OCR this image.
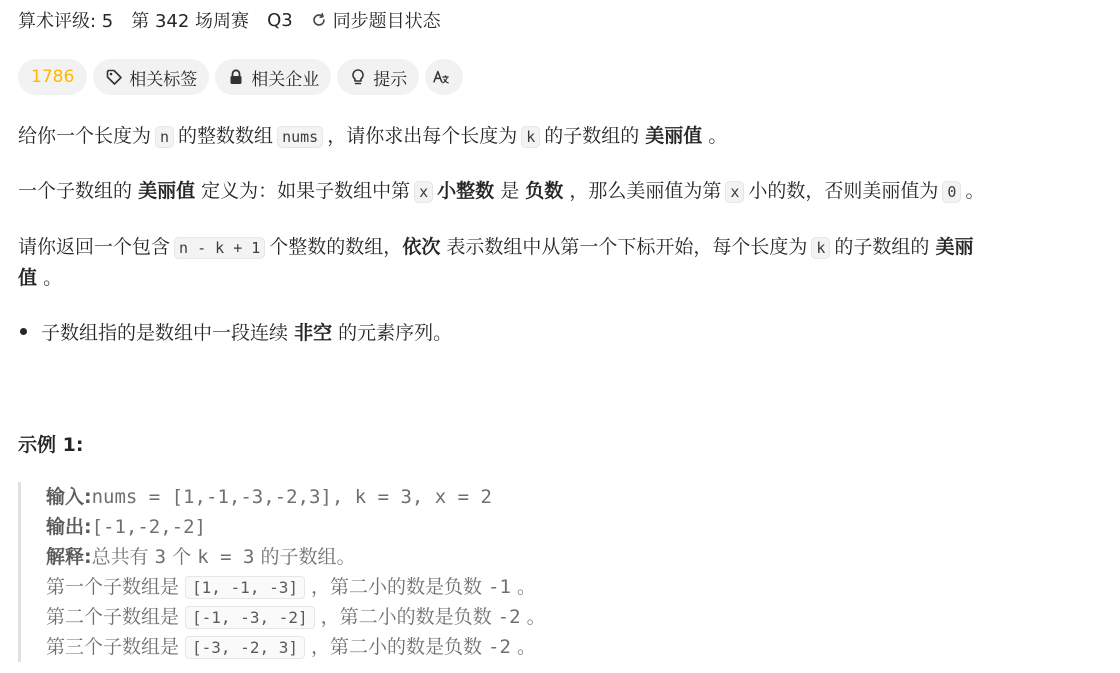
算术评级: 5 第 342 场周赛 Q3 同步题目状态
1786	相关标签	相关企业	提示
给你一个长度为 n 的整数数组 nums ，请你求出每个长度为 k 的子数组的 美丽值 。
一个子数组的 美丽值 定义为：如果子数组中第 x 小整数 是 负数 ，那么美丽值为第 x 小的数，否则美丽值为 0 。
请你返回一个包含 n - k + 1 个整数的数组，依次 表示数组中从第一个下标开始，每个长度为 k 的子数组的 美丽
值 。
子数组指的是数组中一段连续 非空 的元素序列。
示例 1:
输入:nums = [1,-1,-3,-2,3], k = 3, x = 2
输出:[-1,-2,-2]
解释:总共有 3 个 k = 3 的子数组。
第一个子数组是 [1, -1, -3] ，第二小的数是负数 -1 。
第二个子数组是 [-1, -3, -2] ，第二小的数是负数 -2 。
第三个子数组是 [-3, -2, 3] ，第二小的数是负数 -2 。
